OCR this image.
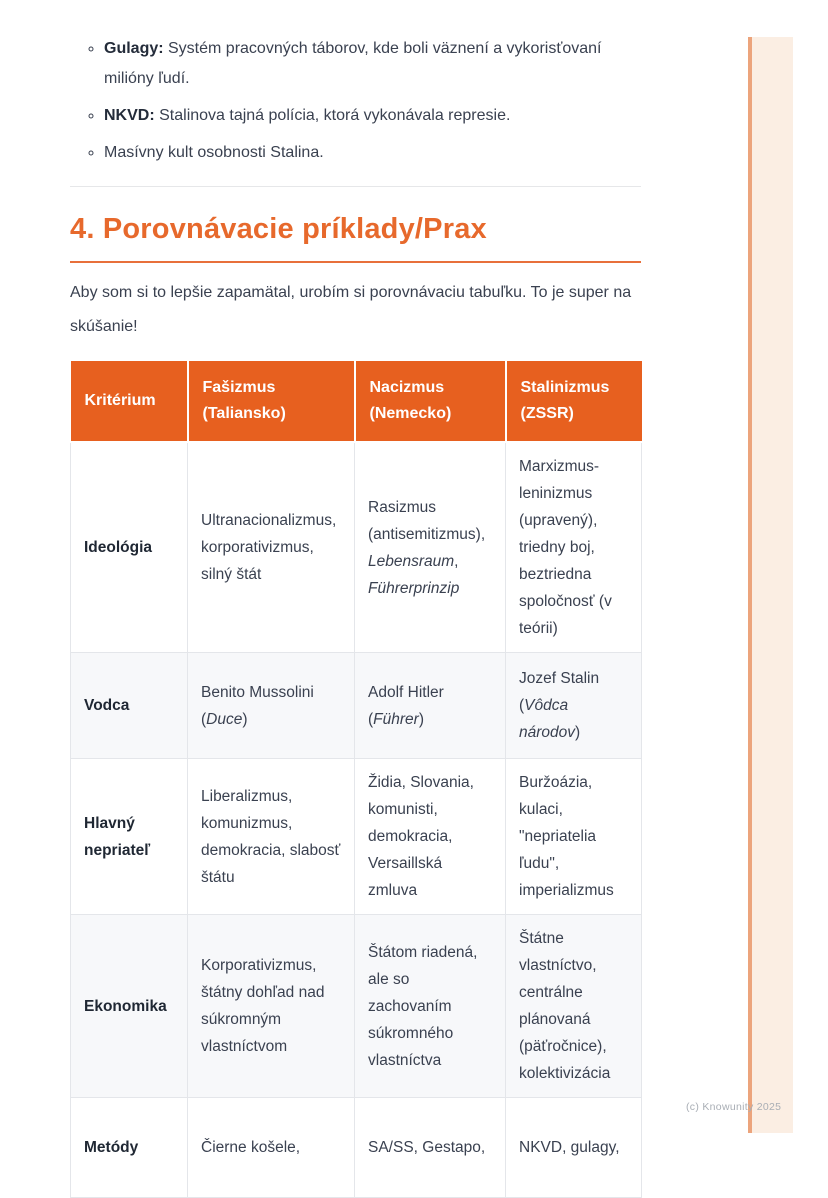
◦ Gulagy: Systém pracovných táborov, kde boli väznení a vykorisťovaní milióny ľudí.
◦ NKVD: Stalinova tajná polícia, ktorá vykonávala represie.
◦ Masívny kult osobnosti Stalina.
4. Porovnávacie príklady/Prax

Aby som si to lepšie zapamätal, urobím si porovnávaciu tabuľku. To je super na skúšanie!

Kritérium	Fašizmus (Taliansko)	Nacizmus (Nemecko)	Stalinizmus (ZSSR)
Ideológia	Ultranacionalizmus, korporativizmus, silný štát	Rasizmus (antisemitizmus), Lebensraum, Führerprinzip	Marxizmus-leninizmus (upravený), triedny boj, beztriedna spoločnosť (v teórii)
Vodca	Benito Mussolini (Duce)	Adolf Hitler (Führer)	Jozef Stalin (Vôdca národov)
Hlavný nepriateľ	Liberalizmus, komunizmus, demokracia, slabosť štátu	Židia, Slovania, komunisti, demokracia, Versaillská zmluva	Buržoázia, kulaci, "nepriatelia ľudu", imperializmus
Ekonomika	Korporativizmus, štátny dohľad nad súkromným vlastníctvom	Štátom riadená, ale so zachovaním súkromného vlastníctva	Štátne vlastníctvo, centrálne plánovaná (päťročnice), kolektivizácia
Metódy	Čierne košele,	SA/SS, Gestapo,	NKVD, gulagy,
(c) Knowunity 2025
